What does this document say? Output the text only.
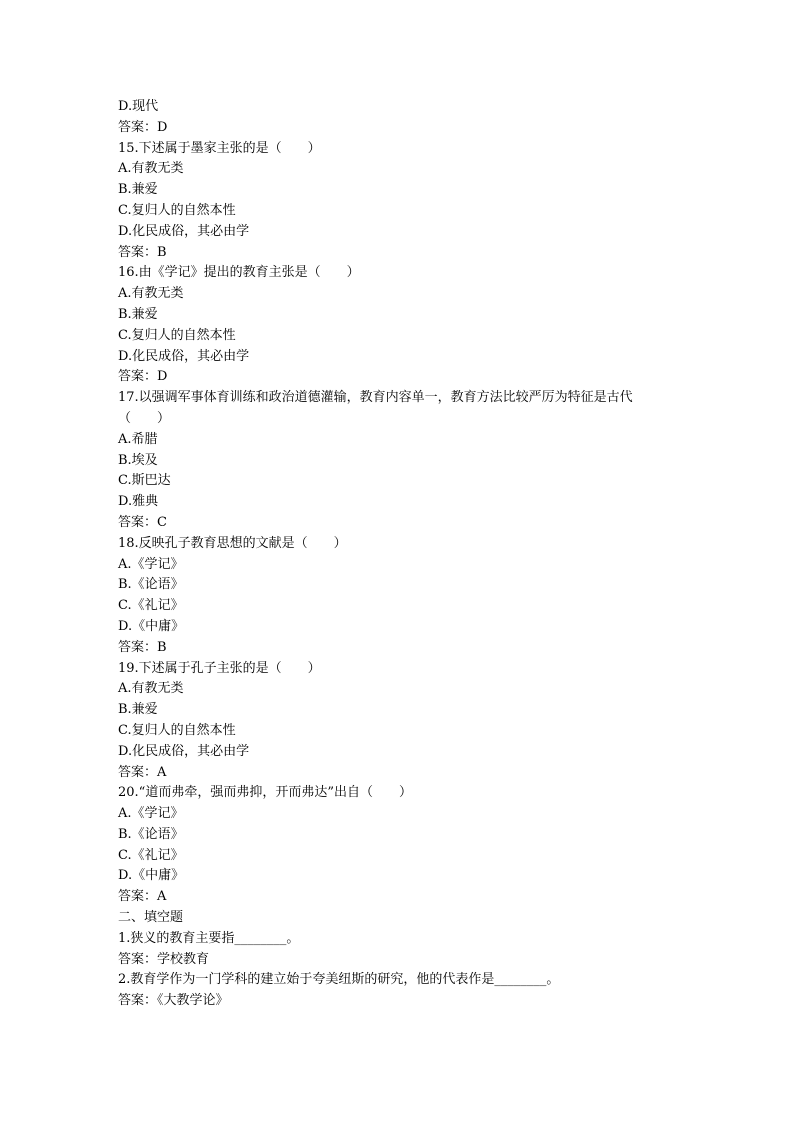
D.现代
答案：D
15.下述属于墨家主张的是（　　）
A.有教无类
B.兼爱
C.复归人的自然本性
D.化民成俗，其必由学
答案：B
16.由《学记》提出的教育主张是（　　）
A.有教无类
B.兼爱
C.复归人的自然本性
D.化民成俗，其必由学
答案：D
17.以强调军事体育训练和政治道德灌输，教育内容单一，教育方法比较严厉为特征是古代
（　　）
A.希腊
B.埃及
C.斯巴达
D.雅典
答案：C
18.反映孔子教育思想的文献是（　　）
A.《学记》
B.《论语》
C.《礼记》
D.《中庸》
答案：B
19.下述属于孔子主张的是（　　）
A.有教无类
B.兼爱
C.复归人的自然本性
D.化民成俗，其必由学
答案：A
20.“道而弗牵，强而弗抑，开而弗达”出自（　　）
A.《学记》
B.《论语》
C.《礼记》
D.《中庸》
答案：A
二、填空题
1.狭义的教育主要指________。
答案：学校教育
2.教育学作为一门学科的建立始于夸美纽斯的研究，他的代表作是________。
答案：《大教学论》
